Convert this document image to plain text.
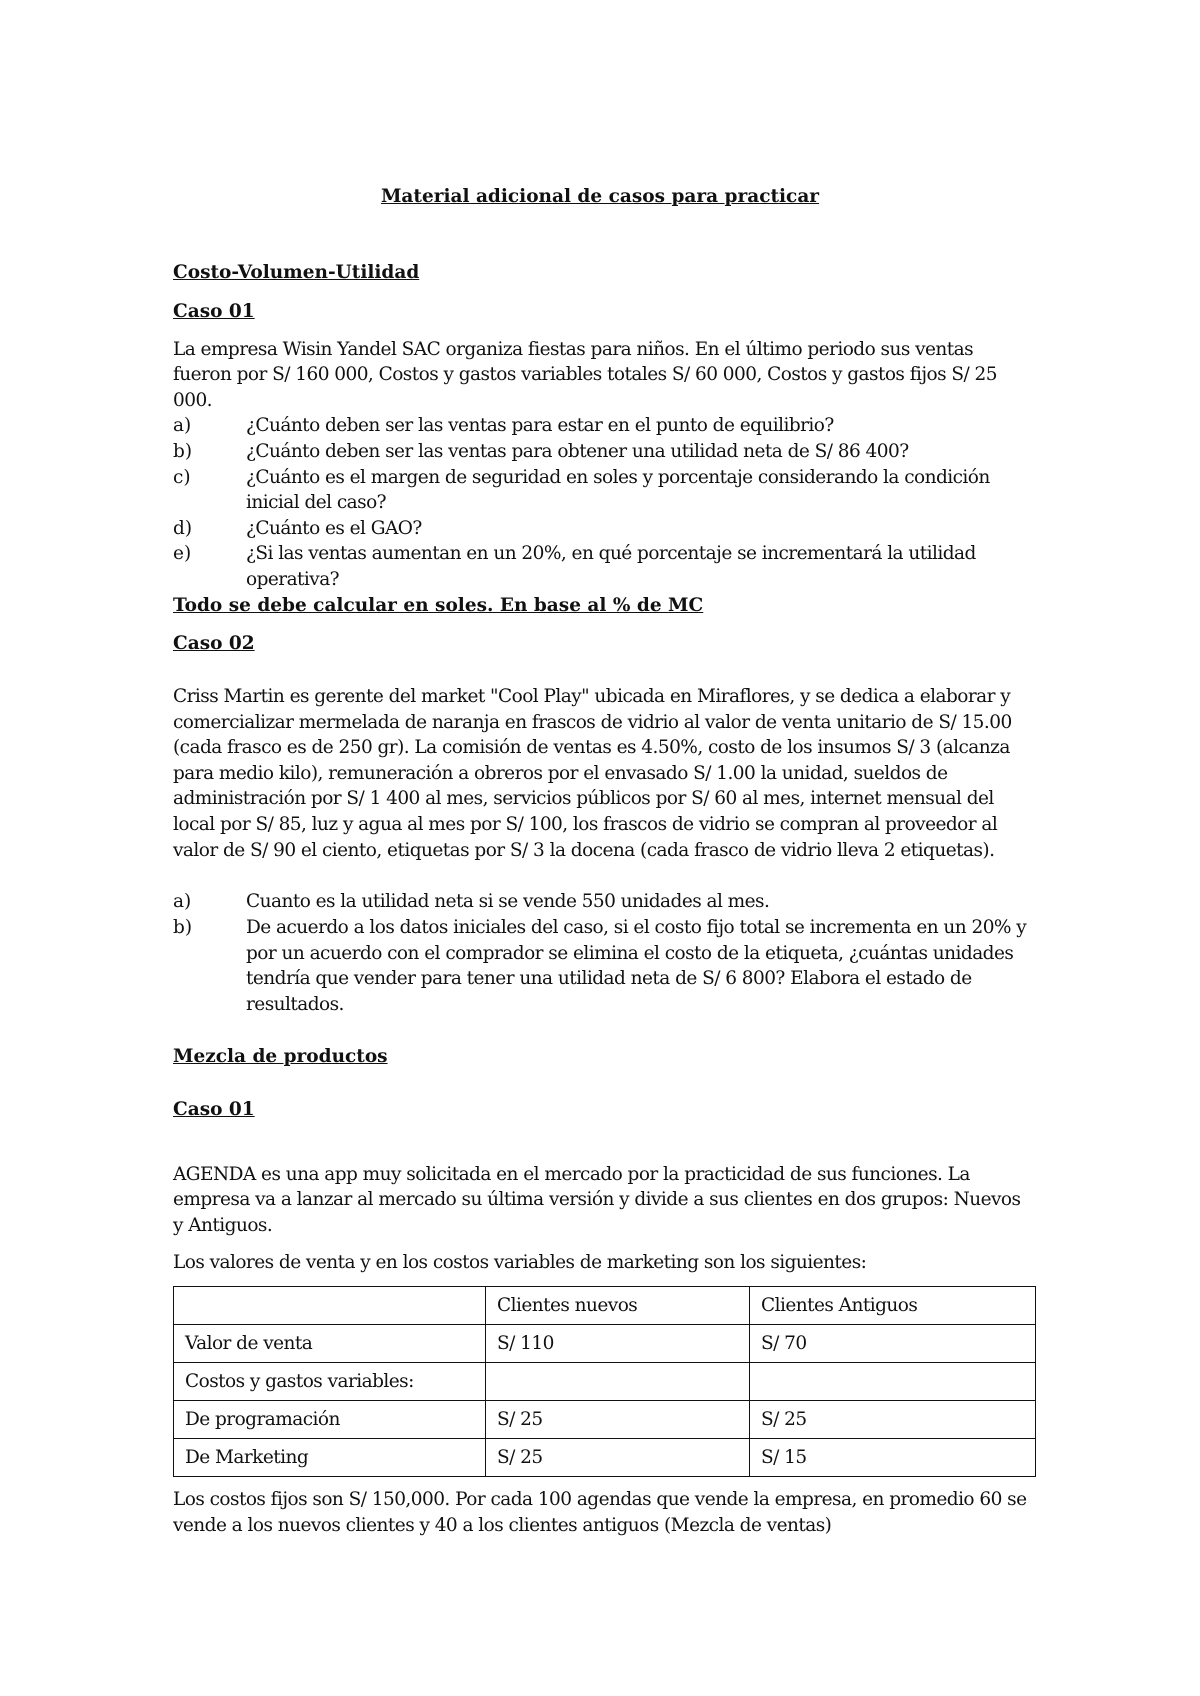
Material adicional de casos para practicar
Costo-Volumen-Utilidad
Caso 01
La empresa Wisin Yandel SAC organiza fiestas para niños. En el último periodo sus ventas
fueron por S/ 160 000, Costos y gastos variables totales S/ 60 000, Costos y gastos fijos S/ 25
000.
a)	¿Cuánto deben ser las ventas para estar en el punto de equilibrio?
b)	¿Cuánto deben ser las ventas para obtener una utilidad neta de S/ 86 400?
c)	¿Cuánto es el margen de seguridad en soles y porcentaje considerando la condición
inicial del caso?
d)	¿Cuánto es el GAO?
e)	¿Si las ventas aumentan en un 20%, en qué porcentaje se incrementará la utilidad
operativa?
Todo se debe calcular en soles. En base al % de MC
Caso 02
Criss Martin es gerente del market "Cool Play" ubicada en Miraflores, y se dedica a elaborar y
comercializar mermelada de naranja en frascos de vidrio al valor de venta unitario de S/ 15.00
(cada frasco es de 250 gr). La comisión de ventas es 4.50%, costo de los insumos S/ 3 (alcanza
para medio kilo), remuneración a obreros por el envasado S/ 1.00 la unidad, sueldos de
administración por S/ 1 400 al mes, servicios públicos por S/ 60 al mes, internet mensual del
local por S/ 85, luz y agua al mes por S/ 100, los frascos de vidrio se compran al proveedor al
valor de S/ 90 el ciento, etiquetas por S/ 3 la docena (cada frasco de vidrio lleva 2 etiquetas).
a)	Cuanto es la utilidad neta si se vende 550 unidades al mes.
b)	De acuerdo a los datos iniciales del caso, si el costo fijo total se incrementa en un 20% y
por un acuerdo con el comprador se elimina el costo de la etiqueta, ¿cuántas unidades
tendría que vender para tener una utilidad neta de S/ 6 800? Elabora el estado de
resultados.
Mezcla de productos
Caso 01
AGENDA es una app muy solicitada en el mercado por la practicidad de sus funciones. La
empresa va a lanzar al mercado su última versión y divide a sus clientes en dos grupos: Nuevos
y Antiguos.
Los valores de venta y en los costos variables de marketing son los siguientes:
	Clientes nuevos	Clientes Antiguos
Valor de venta	S/ 110	S/ 70
Costos y gastos variables:		
De programación	S/ 25	S/ 25
De Marketing	S/ 25	S/ 15
Los costos fijos son S/ 150,000. Por cada 100 agendas que vende la empresa, en promedio 60 se
vende a los nuevos clientes y 40 a los clientes antiguos (Mezcla de ventas)
